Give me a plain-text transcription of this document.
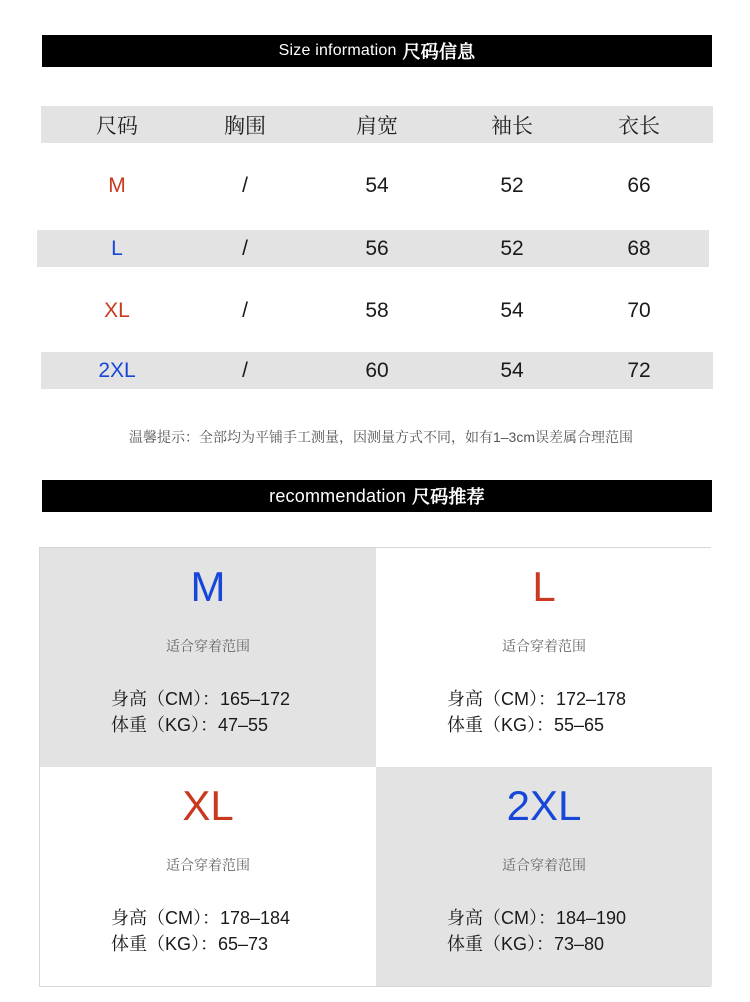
Size information 尺码信息
尺码	胸围	肩宽	袖长	衣长
M	/	54	52	66
L	/	56	52	68
XL	/	58	54	70
2XL	/	60	54	72
温馨提示：全部均为平铺手工测量，因测量方式不同，如有1–3cm误差属合理范围
recommendation 尺码推荐
M
适合穿着范围
身高（CM）：165–172
体重（KG）：47–55
L
适合穿着范围
身高（CM）：172–178
体重（KG）：55–65
XL
适合穿着范围
身高（CM）：178–184
体重（KG）：65–73
2XL
适合穿着范围
身高（CM）：184–190
体重（KG）：73–80
